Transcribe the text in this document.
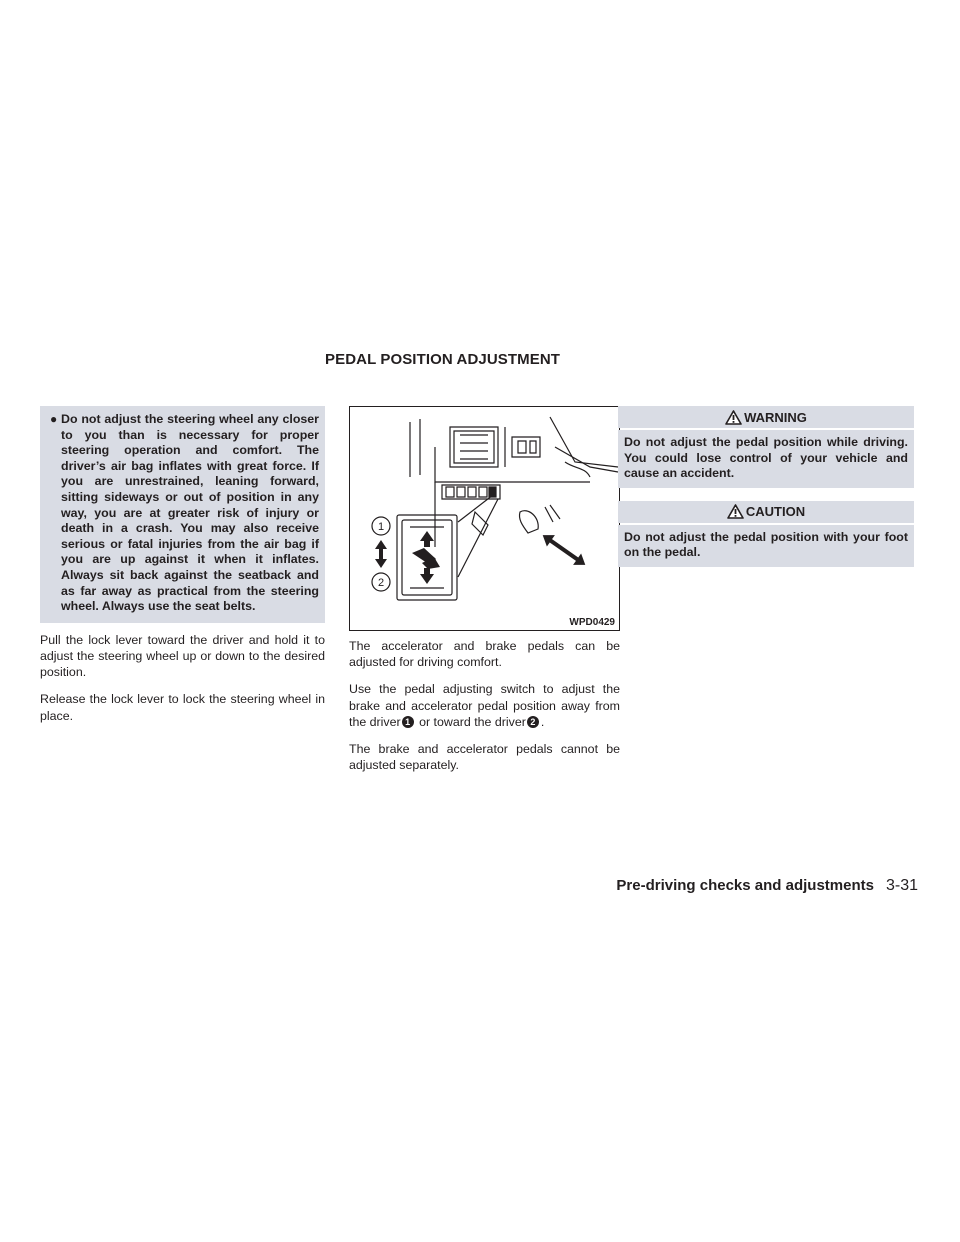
PEDAL POSITION ADJUSTMENT
● Do not adjust the steering wheel any closer to you than is necessary for proper steering operation and comfort. The driver’s air bag inflates with great force. If you are unrestrained, leaning forward, sitting sideways or out of position in any way, you are at greater risk of injury or death in a crash. You may also receive serious or fatal injuries from the air bag if you are up against it when it inflates. Always sit back against the seatback and as far away as practical from the steering wheel. Always use the seat belts.

Pull the lock lever toward the driver and hold it to adjust the steering wheel up or down to the desired position.

Release the lock lever to lock the steering wheel in place.

1
2
WPD0429

The accelerator and brake pedals can be adjusted for driving comfort.

Use the pedal adjusting switch to adjust the brake and accelerator pedal position away from the driver 1 or toward the driver 2 .

The brake and accelerator pedals cannot be adjusted separately.

WARNING
Do not adjust the pedal position while driving. You could lose control of your vehicle and cause an accident.
CAUTION
Do not adjust the pedal position with your foot on the pedal.
Pre-driving checks and adjustments 3-31
